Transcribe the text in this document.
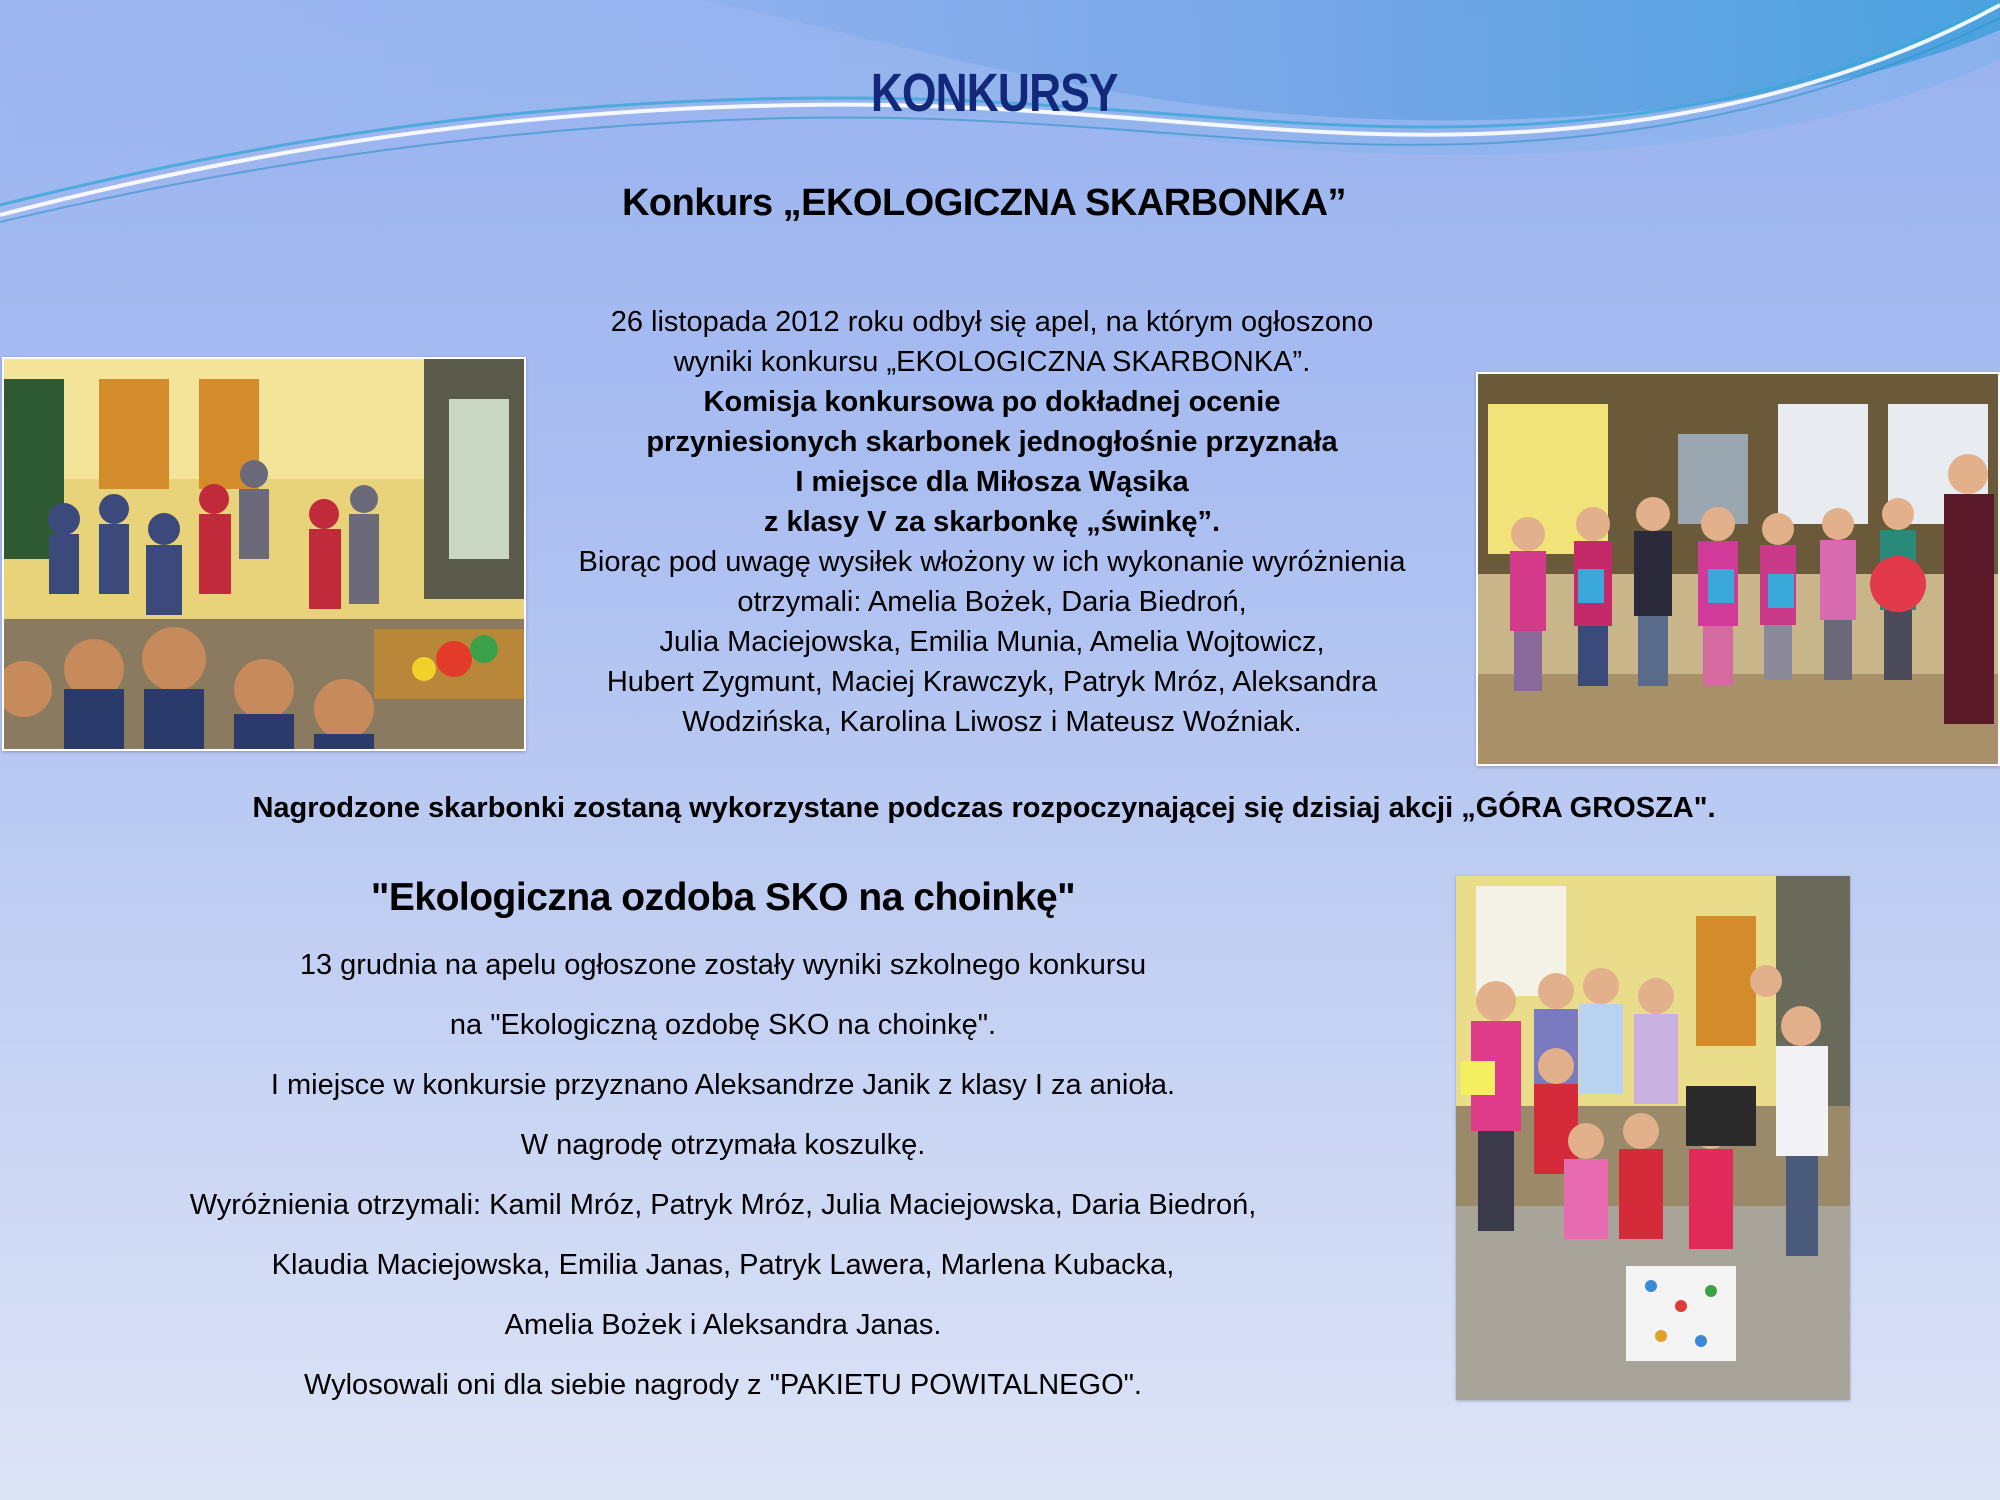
KONKURSY
Konkurs „EKOLOGICZNA SKARBONKA”
26 listopada 2012 roku odbył się apel, na którym ogłoszono
wyniki konkursu „EKOLOGICZNA SKARBONKA”.
Komisja konkursowa po dokładnej ocenie
przyniesionych skarbonek jednogłośnie przyznała
I miejsce dla Miłosza Wąsika
z klasy V za skarbonkę „świnkę”.
Biorąc pod uwagę wysiłek włożony w ich wykonanie wyróżnienia
otrzymali: Amelia Bożek, Daria Biedroń,
Julia Maciejowska, Emilia Munia, Amelia Wojtowicz,
Hubert Zygmunt, Maciej Krawczyk, Patryk Mróz, Aleksandra
Wodzińska, Karolina Liwosz i Mateusz Woźniak.
Nagrodzone skarbonki zostaną wykorzystane podczas rozpoczynającej się dzisiaj akcji „GÓRA GROSZA".
"Ekologiczna ozdoba SKO na choinkę"
13 grudnia na apelu ogłoszone zostały wyniki szkolnego konkursu
na "Ekologiczną ozdobę SKO na choinkę".
I miejsce w konkursie przyznano Aleksandrze Janik z klasy I za anioła.
W nagrodę otrzymała koszulkę.
Wyróżnienia otrzymali: Kamil Mróz, Patryk Mróz, Julia Maciejowska, Daria Biedroń,
Klaudia Maciejowska, Emilia Janas, Patryk Lawera, Marlena Kubacka,
Amelia Bożek i Aleksandra Janas.
Wylosowali oni dla siebie nagrody z "PAKIETU POWITALNEGO".
